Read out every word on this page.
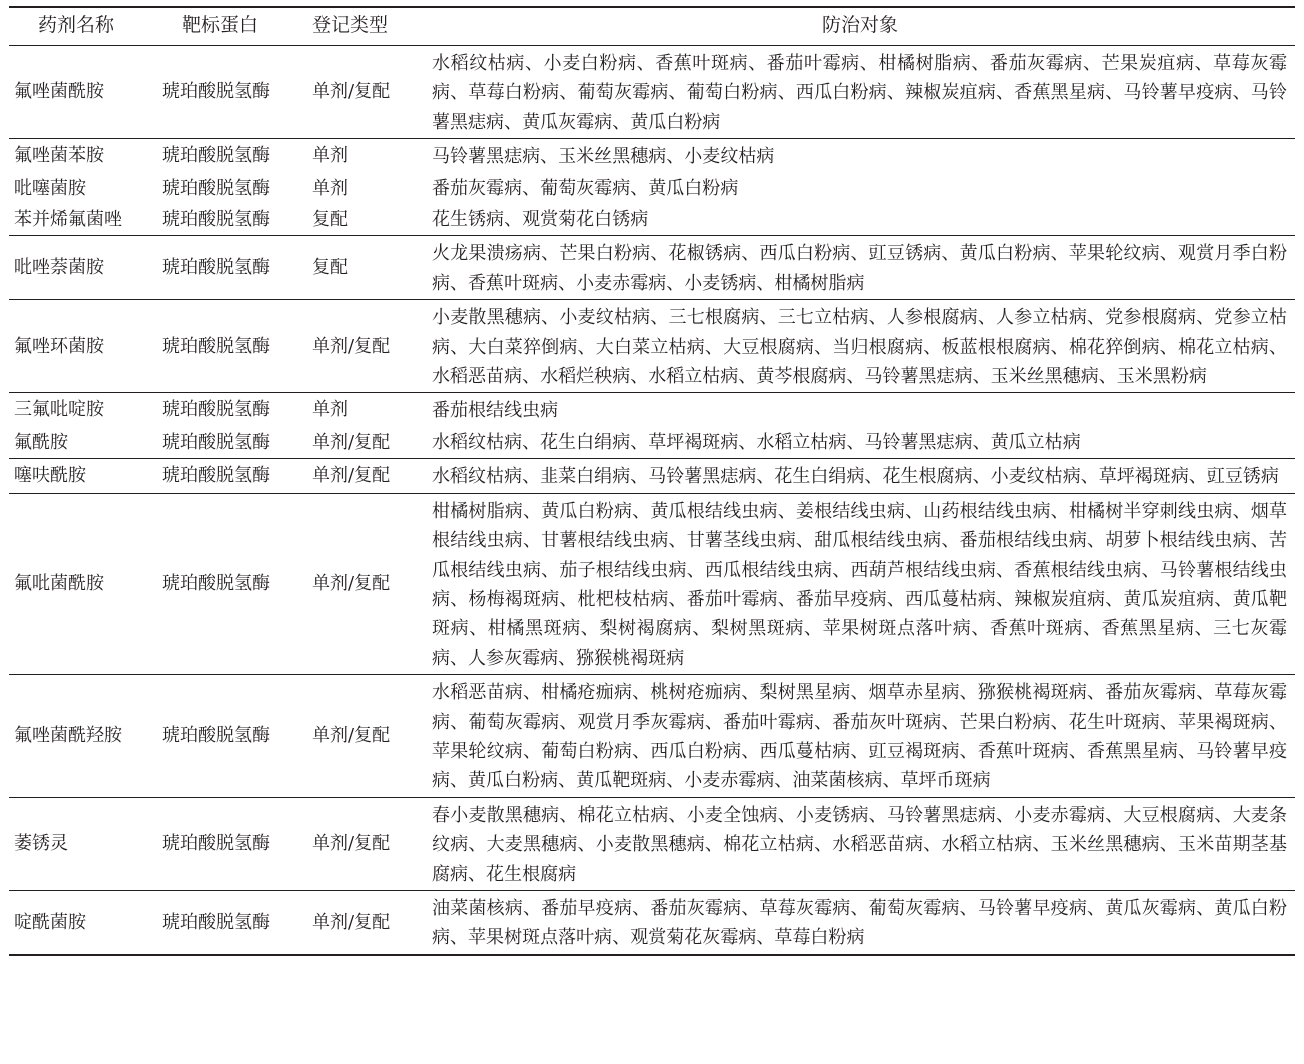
药剂名称	靶标蛋白	登记类型	防治对象
氟唑菌酰胺	琥珀酸脱氢酶	单剂/复配	水稻纹枯病、小麦白粉病、香蕉叶斑病、番茄叶霉病、柑橘树脂病、番茄灰霉病、芒果炭疽病、草莓灰霉病、草莓白粉病、葡萄灰霉病、葡萄白粉病、西瓜白粉病、辣椒炭疽病、香蕉黑星病、马铃薯早疫病、马铃薯黑痣病、黄瓜灰霉病、黄瓜白粉病
氟唑菌苯胺	琥珀酸脱氢酶	单剂	马铃薯黑痣病、玉米丝黑穗病、小麦纹枯病
吡噻菌胺	琥珀酸脱氢酶	单剂	番茄灰霉病、葡萄灰霉病、黄瓜白粉病
苯并烯氟菌唑	琥珀酸脱氢酶	复配	花生锈病、观赏菊花白锈病
吡唑萘菌胺	琥珀酸脱氢酶	复配	火龙果溃疡病、芒果白粉病、花椒锈病、西瓜白粉病、豇豆锈病、黄瓜白粉病、苹果轮纹病、观赏月季白粉病、香蕉叶斑病、小麦赤霉病、小麦锈病、柑橘树脂病
氟唑环菌胺	琥珀酸脱氢酶	单剂/复配	小麦散黑穗病、小麦纹枯病、三七根腐病、三七立枯病、人参根腐病、人参立枯病、党参根腐病、党参立枯病、大白菜猝倒病、大白菜立枯病、大豆根腐病、当归根腐病、板蓝根根腐病、棉花猝倒病、棉花立枯病、水稻恶苗病、水稻烂秧病、水稻立枯病、黄芩根腐病、马铃薯黑痣病、玉米丝黑穗病、玉米黑粉病
三氟吡啶胺	琥珀酸脱氢酶	单剂	番茄根结线虫病
氟酰胺	琥珀酸脱氢酶	单剂/复配	水稻纹枯病、花生白绢病、草坪褐斑病、水稻立枯病、马铃薯黑痣病、黄瓜立枯病
噻呋酰胺	琥珀酸脱氢酶	单剂/复配	水稻纹枯病、韭菜白绢病、马铃薯黑痣病、花生白绢病、花生根腐病、小麦纹枯病、草坪褐斑病、豇豆锈病
氟吡菌酰胺	琥珀酸脱氢酶	单剂/复配	柑橘树脂病、黄瓜白粉病、黄瓜根结线虫病、姜根结线虫病、山药根结线虫病、柑橘树半穿刺线虫病、烟草根结线虫病、甘薯根结线虫病、甘薯茎线虫病、甜瓜根结线虫病、番茄根结线虫病、胡萝卜根结线虫病、苦瓜根结线虫病、茄子根结线虫病、西瓜根结线虫病、西葫芦根结线虫病、香蕉根结线虫病、马铃薯根结线虫病、杨梅褐斑病、枇杷枝枯病、番茄叶霉病、番茄早疫病、西瓜蔓枯病、辣椒炭疽病、黄瓜炭疽病、黄瓜靶斑病、柑橘黑斑病、梨树褐腐病、梨树黑斑病、苹果树斑点落叶病、香蕉叶斑病、香蕉黑星病、三七灰霉病、人参灰霉病、猕猴桃褐斑病
氟唑菌酰羟胺	琥珀酸脱氢酶	单剂/复配	水稻恶苗病、柑橘疮痂病、桃树疮痂病、梨树黑星病、烟草赤星病、猕猴桃褐斑病、番茄灰霉病、草莓灰霉病、葡萄灰霉病、观赏月季灰霉病、番茄叶霉病、番茄灰叶斑病、芒果白粉病、花生叶斑病、苹果褐斑病、苹果轮纹病、葡萄白粉病、西瓜白粉病、西瓜蔓枯病、豇豆褐斑病、香蕉叶斑病、香蕉黑星病、马铃薯早疫病、黄瓜白粉病、黄瓜靶斑病、小麦赤霉病、油菜菌核病、草坪币斑病
萎锈灵	琥珀酸脱氢酶	单剂/复配	春小麦散黑穗病、棉花立枯病、小麦全蚀病、小麦锈病、马铃薯黑痣病、小麦赤霉病、大豆根腐病、大麦条纹病、大麦黑穗病、小麦散黑穗病、棉花立枯病、水稻恶苗病、水稻立枯病、玉米丝黑穗病、玉米苗期茎基腐病、花生根腐病
啶酰菌胺	琥珀酸脱氢酶	单剂/复配	油菜菌核病、番茄早疫病、番茄灰霉病、草莓灰霉病、葡萄灰霉病、马铃薯早疫病、黄瓜灰霉病、黄瓜白粉病、苹果树斑点落叶病、观赏菊花灰霉病、草莓白粉病
